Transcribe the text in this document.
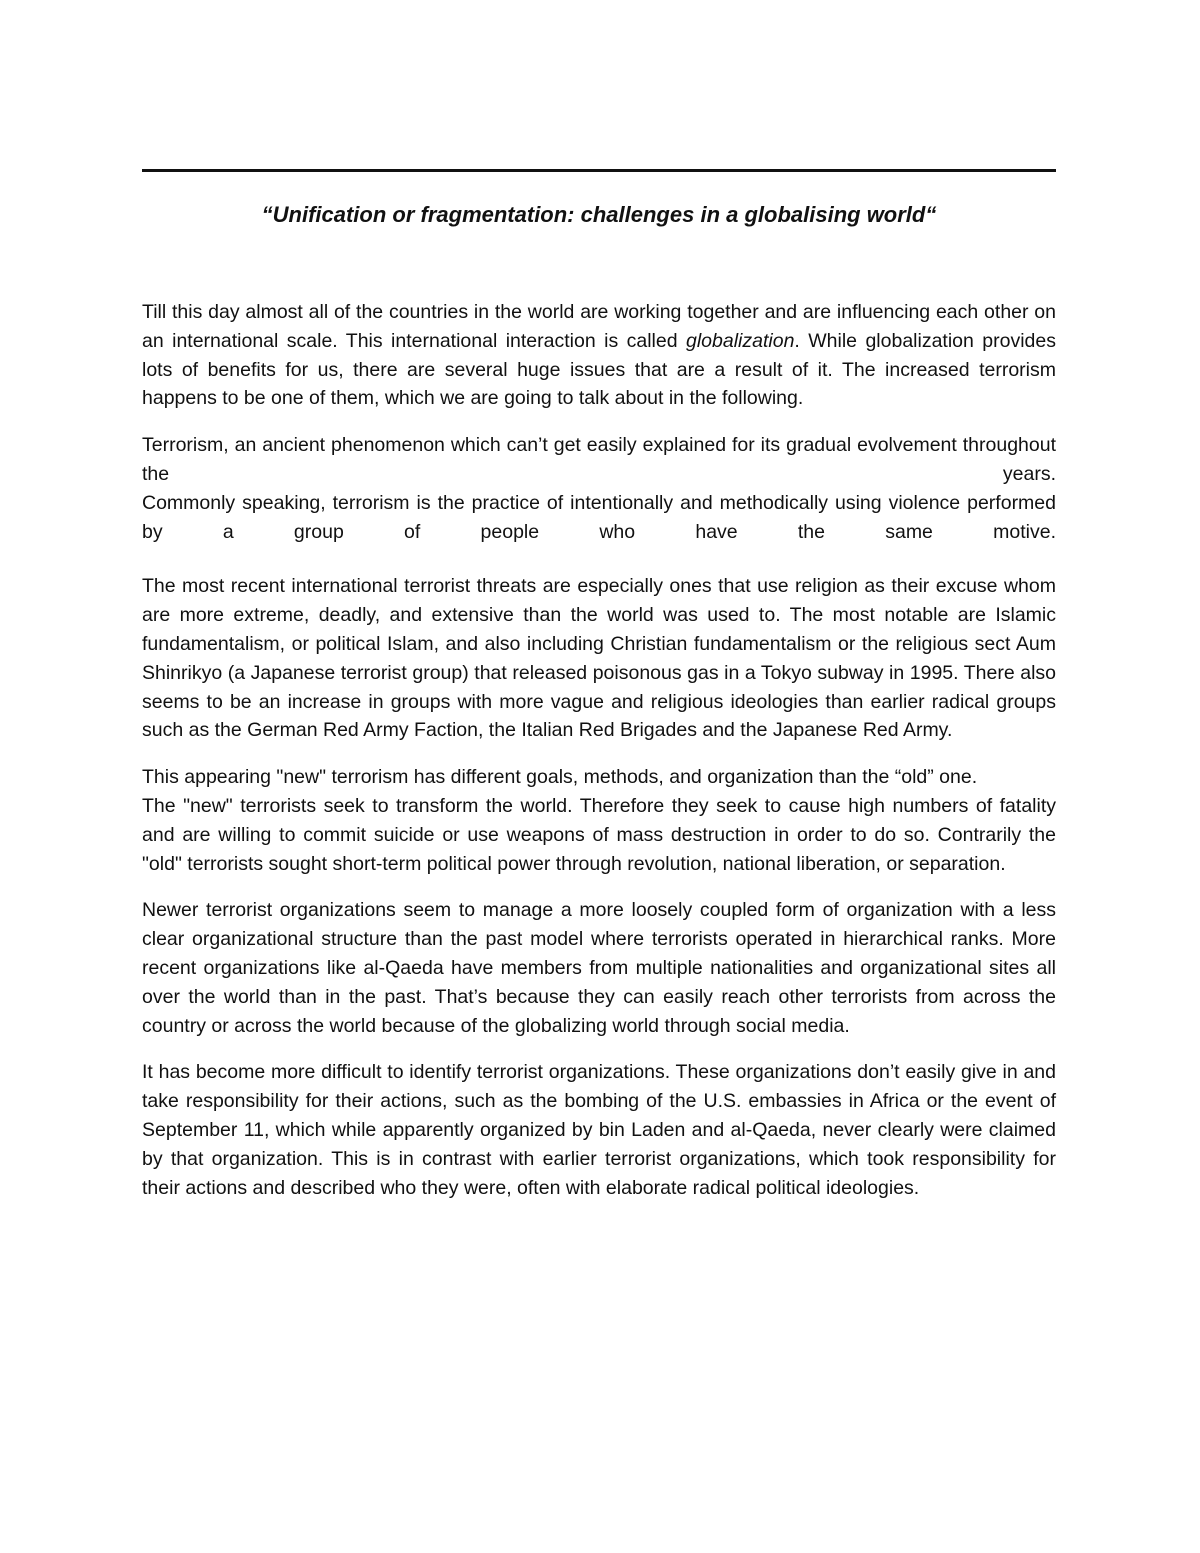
“Unification or fragmentation: challenges in a globalising world“

Till this day almost all of the countries in the world are working together and are influencing each other on an international scale. This international interaction is called globalization. While globalization provides lots of benefits for us, there are several huge issues that are a result of it. The increased terrorism happens to be one of them, which we are going to talk about in the following.

Terrorism, an ancient phenomenon which can’t get easily explained for its gradual evolvement throughout the years.
Commonly speaking, terrorism is the practice of intentionally and methodically using violence performed by a group of people who have the same motive.

The most recent international terrorist threats are especially ones that use religion as their excuse whom are more extreme, deadly, and extensive than the world was used to. The most notable are Islamic fundamentalism, or political Islam, and also including Christian fundamentalism or the religious sect Aum Shinrikyo (a Japanese terrorist group) that released poisonous gas in a Tokyo subway in 1995. There also seems to be an increase in groups with more vague and religious ideologies than earlier radical groups such as the German Red Army Faction, the Italian Red Brigades and the Japanese Red Army.

This appearing "new" terrorism has different goals, methods, and organization than the “old” one.
The "new" terrorists seek to transform the world. Therefore they seek to cause high numbers of fatality and are willing to commit suicide or use weapons of mass destruction in order to do so. Contrarily the "old" terrorists sought short-term political power through revolution, national liberation, or separation.

Newer terrorist organizations seem to manage a more loosely coupled form of organization with a less clear organizational structure than the past model where terrorists operated in hierarchical ranks. More recent organizations like al-Qaeda have members from multiple nationalities and organizational sites all over the world than in the past. That’s because they can easily reach other terrorists from across the country or across the world because of the globalizing world through social media.

It has become more difficult to identify terrorist organizations. These organizations don’t easily give in and take responsibility for their actions, such as the bombing of the U.S. embassies in Africa or the event of September 11, which while apparently organized by bin Laden and al-Qaeda, never clearly were claimed by that organization. This is in contrast with earlier terrorist organizations, which took responsibility for their actions and described who they were, often with elaborate radical political ideologies.
